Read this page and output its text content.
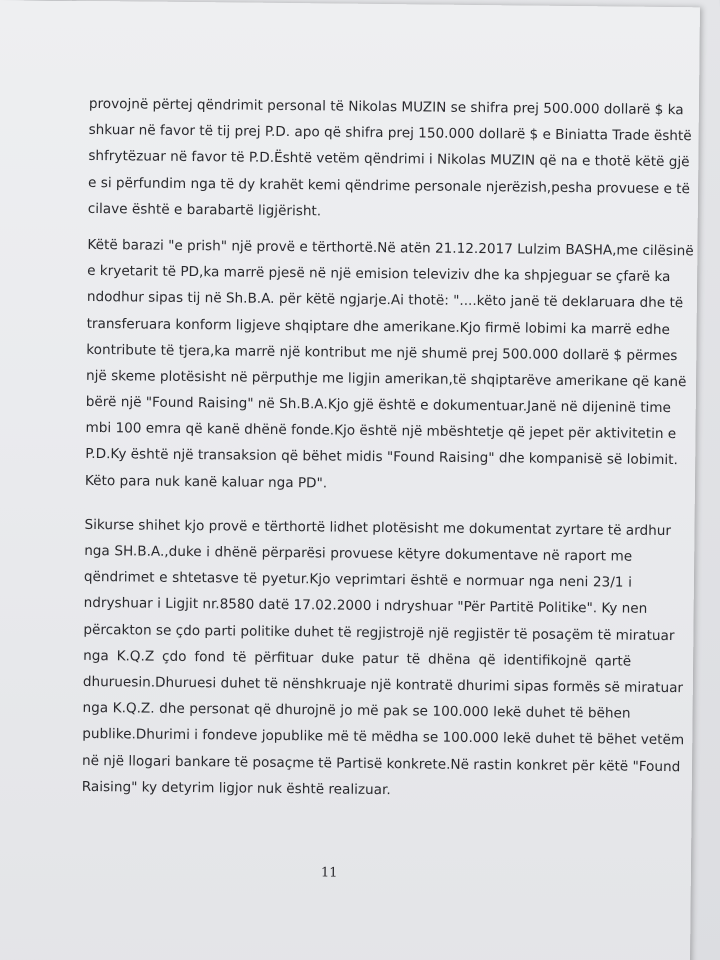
provojnë përtej qëndrimit personal të Nikolas MUZIN se shifra prej 500.000 dollarë $ ka
shkuar në favor të tij prej P.D. apo që shifra prej 150.000 dollarë $ e Biniatta Trade është
shfrytëzuar në favor të P.D.Është vetëm qëndrimi i Nikolas MUZIN që na e thotë këtë gjë
e si përfundim nga të dy krahët kemi qëndrime personale njerëzish,pesha provuese e të
cilave është e barabartë ligjërisht.
Këtë barazi "e prish" një provë e tërthortë.Në atën 21.12.2017 Lulzim BASHA,me cilësinë
e kryetarit të PD,ka marrë pjesë në një emision televiziv dhe ka shpjeguar se çfarë ka
ndodhur sipas tij në Sh.B.A. për këtë ngjarje.Ai thotë: "....këto janë të deklaruara dhe të
transferuara konform ligjeve shqiptare dhe amerikane.Kjo firmë lobimi ka marrë edhe
kontribute të tjera,ka marrë një kontribut me një shumë prej 500.000 dollarë $ përmes
një skeme plotësisht në përputhje me ligjin amerikan,të shqiptarëve amerikane që kanë
bërë një "Found Raising" në Sh.B.A.Kjo gjë është e dokumentuar.Janë në dijeninë time
mbi 100 emra që kanë dhënë fonde.Kjo është një mbështetje që jepet për aktivitetin e
P.D.Ky është një transaksion që bëhet midis "Found Raising" dhe kompanisë së lobimit.
Këto para nuk kanë kaluar nga PD".
Sikurse shihet kjo provë e tërthortë lidhet plotësisht me dokumentat zyrtare të ardhur
nga SH.B.A.,duke i dhënë përparësi provuese këtyre dokumentave në raport me
qëndrimet e shtetasve të pyetur.Kjo veprimtari është e normuar nga neni 23/1 i
ndryshuar i Ligjit nr.8580 datë 17.02.2000 i ndryshuar "Për Partitë Politike". Ky nen
përcakton se çdo parti politike duhet të regjistrojë një regjistër të posaçëm të miratuar
nga K.Q.Z çdo fond të përfituar duke patur të dhëna që identifikojnë qartë
dhuruesin.Dhuruesi duhet të nënshkruaje një kontratë dhurimi sipas formës së miratuar
nga K.Q.Z. dhe personat që dhurojnë jo më pak se 100.000 lekë duhet të bëhen
publike.Dhurimi i fondeve jopublike më të mëdha se 100.000 lekë duhet të bëhet vetëm
në një llogari bankare të posaçme të Partisë konkrete.Në rastin konkret për këtë "Found
Raising" ky detyrim ligjor nuk është realizuar.
11
